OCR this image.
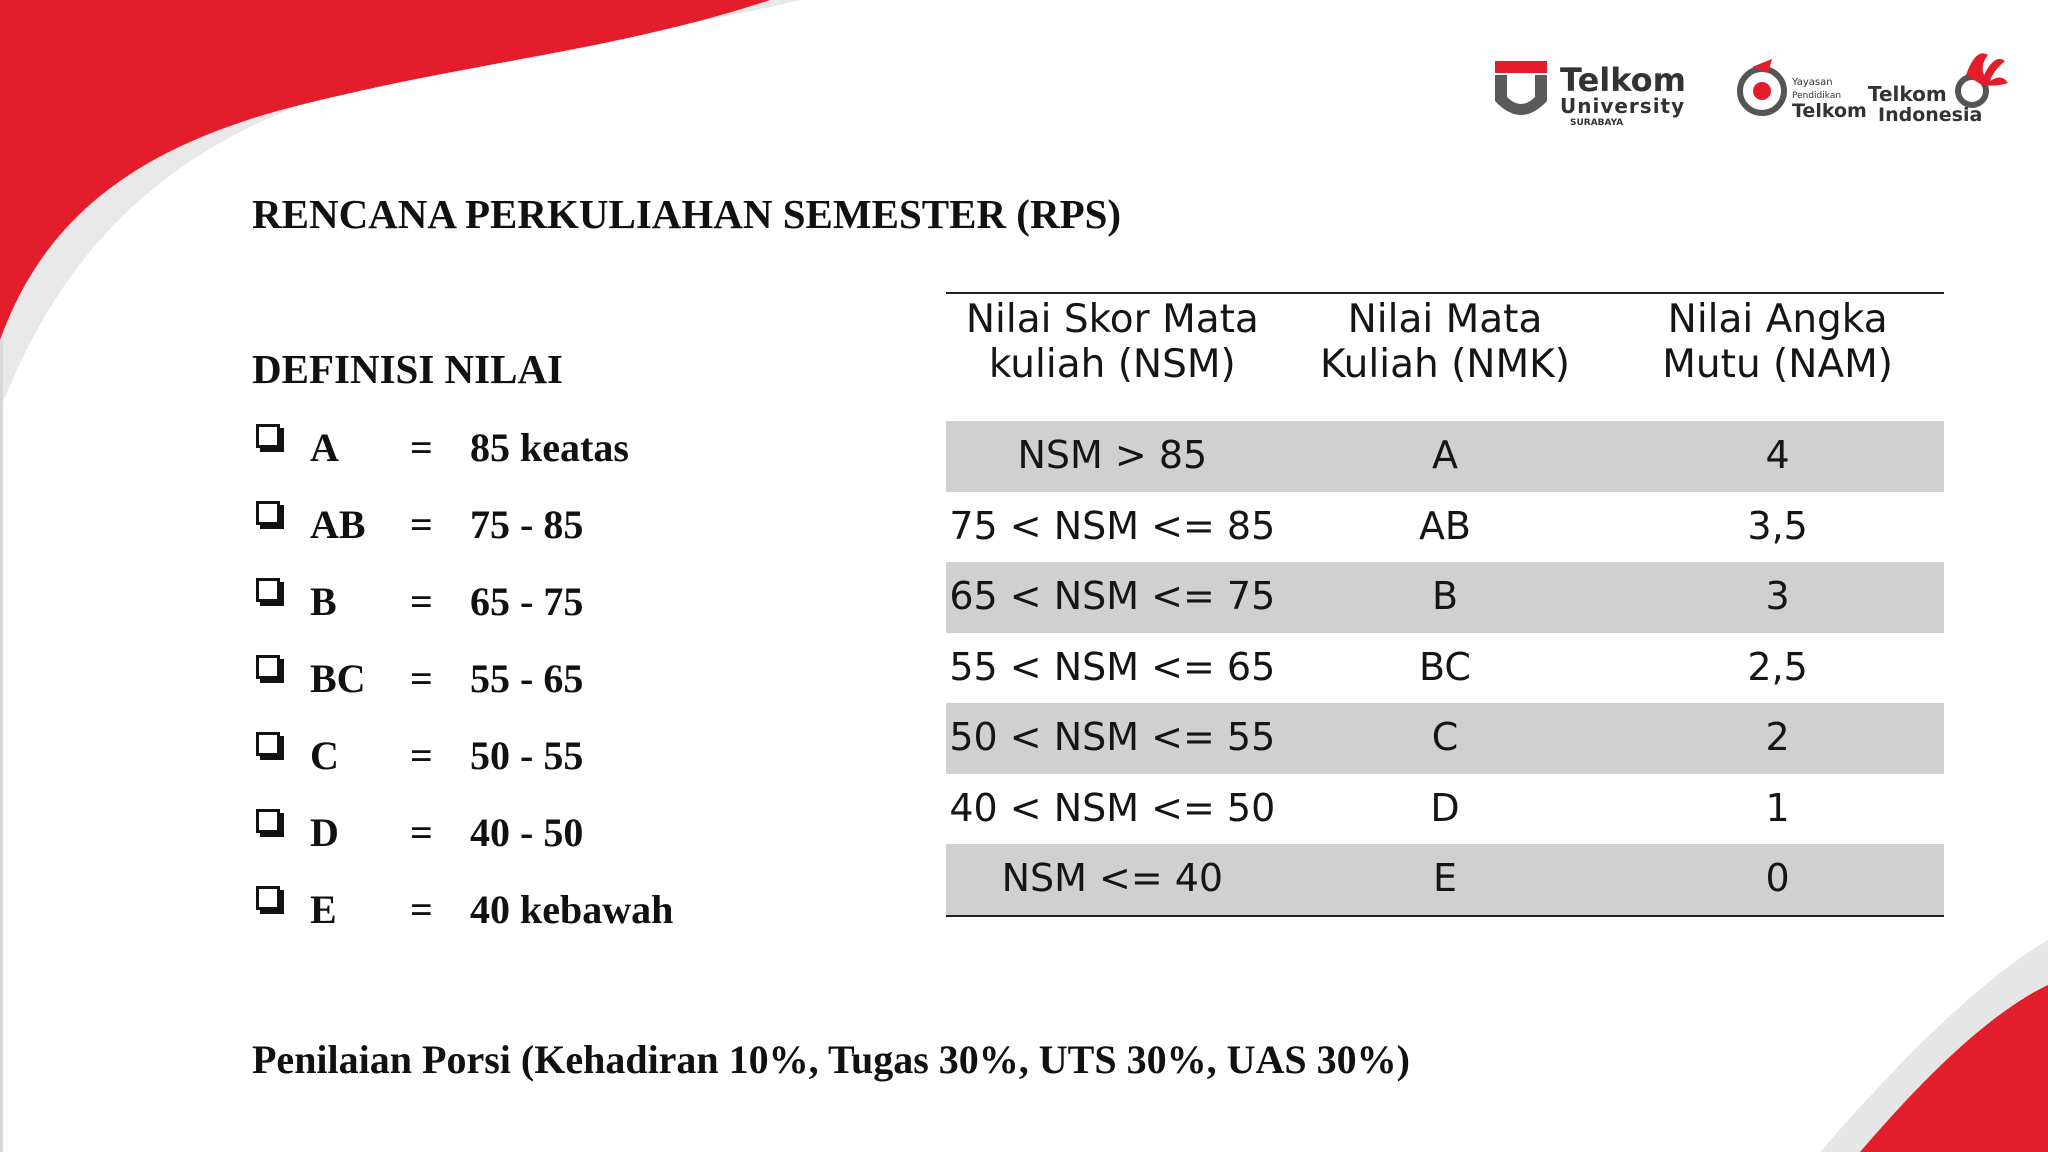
Telkom
University
SURABAYA
Yayasan
Pendidikan
Telkom
Telkom
Indonesia
RENCANA PERKULIAHAN SEMESTER (RPS)
DEFINISI NILAI
A = 85 keatas
AB = 75 - 85
B = 65 - 75
BC = 55 - 65
C = 50 - 55
D = 40 - 50
E = 40 kebawah
Nilai Skor Mata
kuliah (NSM)
Nilai Mata
Kuliah (NMK)
Nilai Angka
Mutu (NAM)
NSM > 85	A	4
75 < NSM <= 85	AB	3,5
65 < NSM <= 75	B	3
55 < NSM <= 65	BC	2,5
50 < NSM <= 55	C	2
40 < NSM <= 50	D	1
NSM <= 40	E	0
Penilaian Porsi (Kehadiran 10%, Tugas 30%, UTS 30%, UAS 30%)
